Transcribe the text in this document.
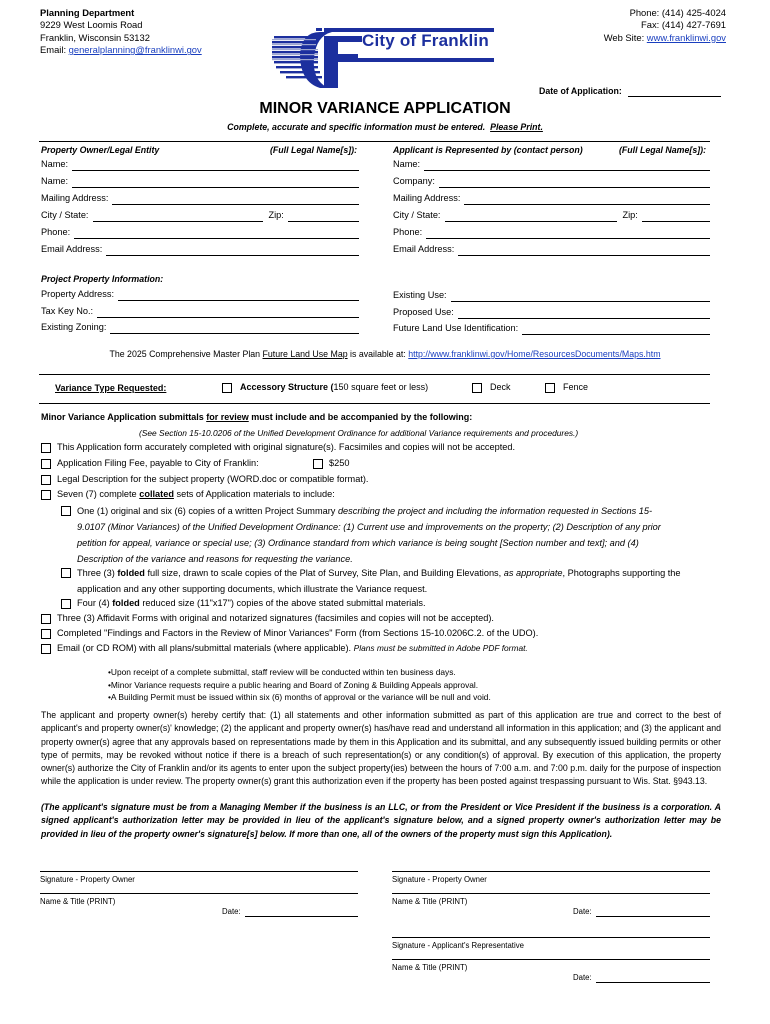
Planning Department
9229 West Loomis Road
Franklin, Wisconsin 53132
Email: generalplanning@franklinwi.gov	City of Franklin
Phone: (414) 425-4024
Fax: (414) 427-7691
Web Site: www.franklinwi.gov
Date of Application:
MINOR VARIANCE APPLICATION
Complete, accurate and specific information must be entered. Please Print.
Property Owner/Legal Entity	(Full Legal Name[s]):	Applicant is Represented by (contact person)	(Full Legal Name[s]):
Name:
Name:
Mailing Address:
City / State:	Zip:
Phone:
Email Address:
Name:
Company:
Mailing Address:
City / State:	Zip:
Phone:
Email Address:
Project Property Information:
Property Address:
Tax Key No.:
Existing Zoning:
Existing Use:
Proposed Use:
Future Land Use Identification:
The 2025 Comprehensive Master Plan Future Land Use Map is available at: http://www.franklinwi.gov/Home/ResourcesDocuments/Maps.htm
Variance Type Requested:	Accessory Structure (150 square feet or less)	Deck	Fence
Minor Variance Application submittals for review must include and be accompanied by the following:
(See Section 15-10.0206 of the Unified Development Ordinance for additional Variance requirements and procedures.)
This Application form accurately completed with original signature(s). Facsimiles and copies will not be accepted.
Application Filing Fee, payable to City of Franklin:	$250
Legal Description for the subject property (WORD.doc or compatible format).
Seven (7) complete collated sets of Application materials to include:
One (1) original and six (6) copies of a written Project Summary describing the project and including the information requested in Sections 15-
9.0107 (Minor Variances) of the Unified Development Ordinance: (1) Current use and improvements on the property; (2) Description of any prior
petition for appeal, variance or special use; (3) Ordinance standard from which variance is being sought [Section number and text]; and (4)
Description of the variance and reasons for requesting the variance.
Three (3) folded full size, drawn to scale copies of the Plat of Survey, Site Plan, and Building Elevations, as appropriate, Photographs supporting the
application and any other supporting documents, which illustrate the Variance request.
Four (4) folded reduced size (11"x17") copies of the above stated submittal materials.
Three (3) Affidavit Forms with original and notarized signatures (facsimiles and copies will not be accepted).
Completed "Findings and Factors in the Review of Minor Variances" Form (from Sections 15-10.0206C.2. of the UDO).
Email (or CD ROM) with all plans/submittal materials (where applicable). Plans must be submitted in Adobe PDF format.
•Upon receipt of a complete submittal, staff review will be conducted within ten business days.
•Minor Variance requests require a public hearing and Board of Zoning & Building Appeals approval.
•A Building Permit must be issued within six (6) months of approval or the variance will be null and void.
The applicant and property owner(s) hereby certify that: (1) all statements and other information submitted as part of this application are true and correct to the best of applicant's and property owner(s)' knowledge; (2) the applicant and property owner(s) has/have read and understand all information in this application; and (3) the applicant and property owner(s) agree that any approvals based on representations made by them in this Application and its submittal, and any subsequently issued building permits or other type of permits, may be revoked without notice if there is a breach of such representation(s) or any condition(s) of approval. By execution of this application, the property owner(s) authorize the City of Franklin and/or its agents to enter upon the subject property(ies) between the hours of 7:00 a.m. and 7:00 p.m. daily for the purpose of inspection while the application is under review. The property owner(s) grant this authorization even if the property has been posted against trespassing pursuant to Wis. Stat. §943.13.
(The applicant's signature must be from a Managing Member if the business is an LLC, or from the President or Vice President if the business is a corporation. A signed applicant's authorization letter may be provided in lieu of the applicant's signature below, and a signed property owner's authorization letter may be provided in lieu of the property owner's signature[s] below. If more than one, all of the owners of the property must sign this Application).
Signature - Property Owner
Name & Title (PRINT)
Date:
Signature - Property Owner
Name & Title (PRINT)
Date:
Signature - Applicant's Representative
Name & Title (PRINT)
Date:
